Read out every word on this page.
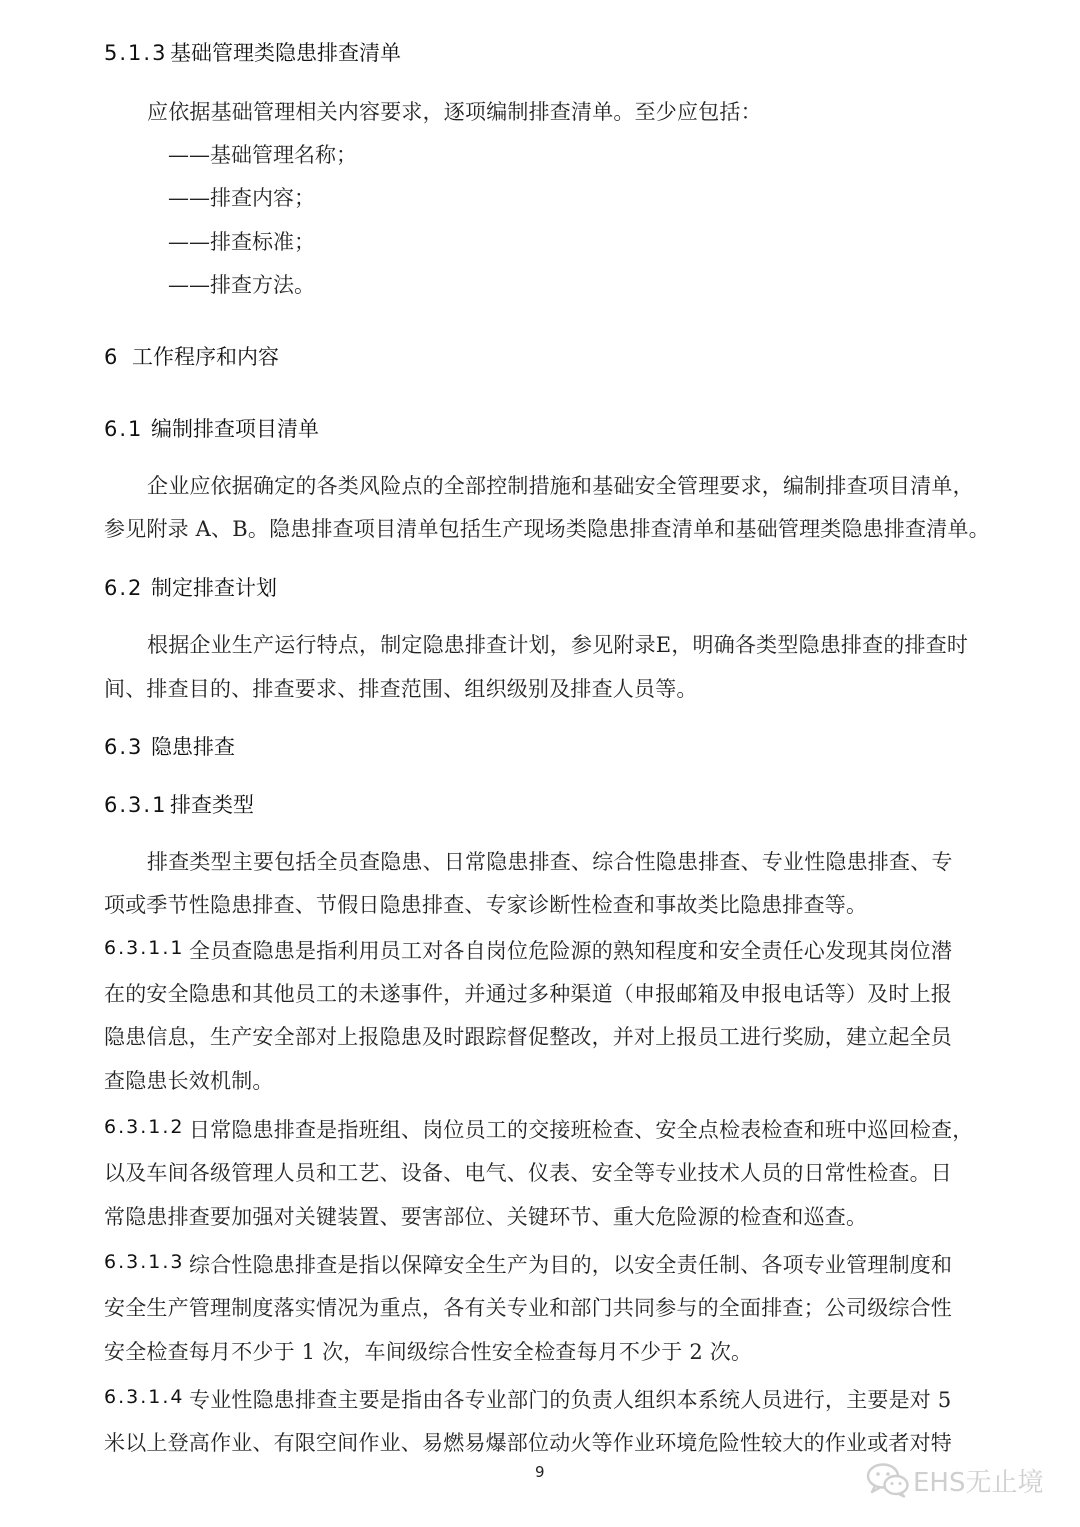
5.1.3 基础管理类隐患排查清单
应依据基础管理相关内容要求，逐项编制排查清单。至少应包括：
——基础管理名称；
——排查内容；
——排查标准；
——排查方法。
6 工作程序和内容
6.1 编制排查项目清单
企业应依据确定的各类风险点的全部控制措施和基础安全管理要求，编制排查项目清单，
参见附录 A、B。隐患排查项目清单包括生产现场类隐患排查清单和基础管理类隐患排查清单。
6.2 制定排查计划
根据企业生产运行特点，制定隐患排查计划，参见附录E，明确各类型隐患排查的排查时
间、排查目的、排查要求、排查范围、组织级别及排查人员等。
6.3 隐患排查
6.3.1 排查类型
排查类型主要包括全员查隐患、日常隐患排查、综合性隐患排查、专业性隐患排查、专
项或季节性隐患排查、节假日隐患排查、专家诊断性检查和事故类比隐患排查等。
6.3.1.1 全员查隐患是指利用员工对各自岗位危险源的熟知程度和安全责任心发现其岗位潜
在的安全隐患和其他员工的未遂事件，并通过多种渠道（申报邮箱及申报电话等）及时上报
隐患信息，生产安全部对上报隐患及时跟踪督促整改，并对上报员工进行奖励，建立起全员
查隐患长效机制。
6.3.1.2 日常隐患排查是指班组、岗位员工的交接班检查、安全点检表检查和班中巡回检查，
以及车间各级管理人员和工艺、设备、电气、仪表、安全等专业技术人员的日常性检查。日
常隐患排查要加强对关键装置、要害部位、关键环节、重大危险源的检查和巡查。
6.3.1.3 综合性隐患排查是指以保障安全生产为目的，以安全责任制、各项专业管理制度和
安全生产管理制度落实情况为重点，各有关专业和部门共同参与的全面排查；公司级综合性
安全检查每月不少于 1 次，车间级综合性安全检查每月不少于 2 次。
6.3.1.4 专业性隐患排查主要是指由各专业部门的负责人组织本系统人员进行，主要是对 5
米以上登高作业、有限空间作业、易燃易爆部位动火等作业环境危险性较大的作业或者对特
9	EHS无止境
